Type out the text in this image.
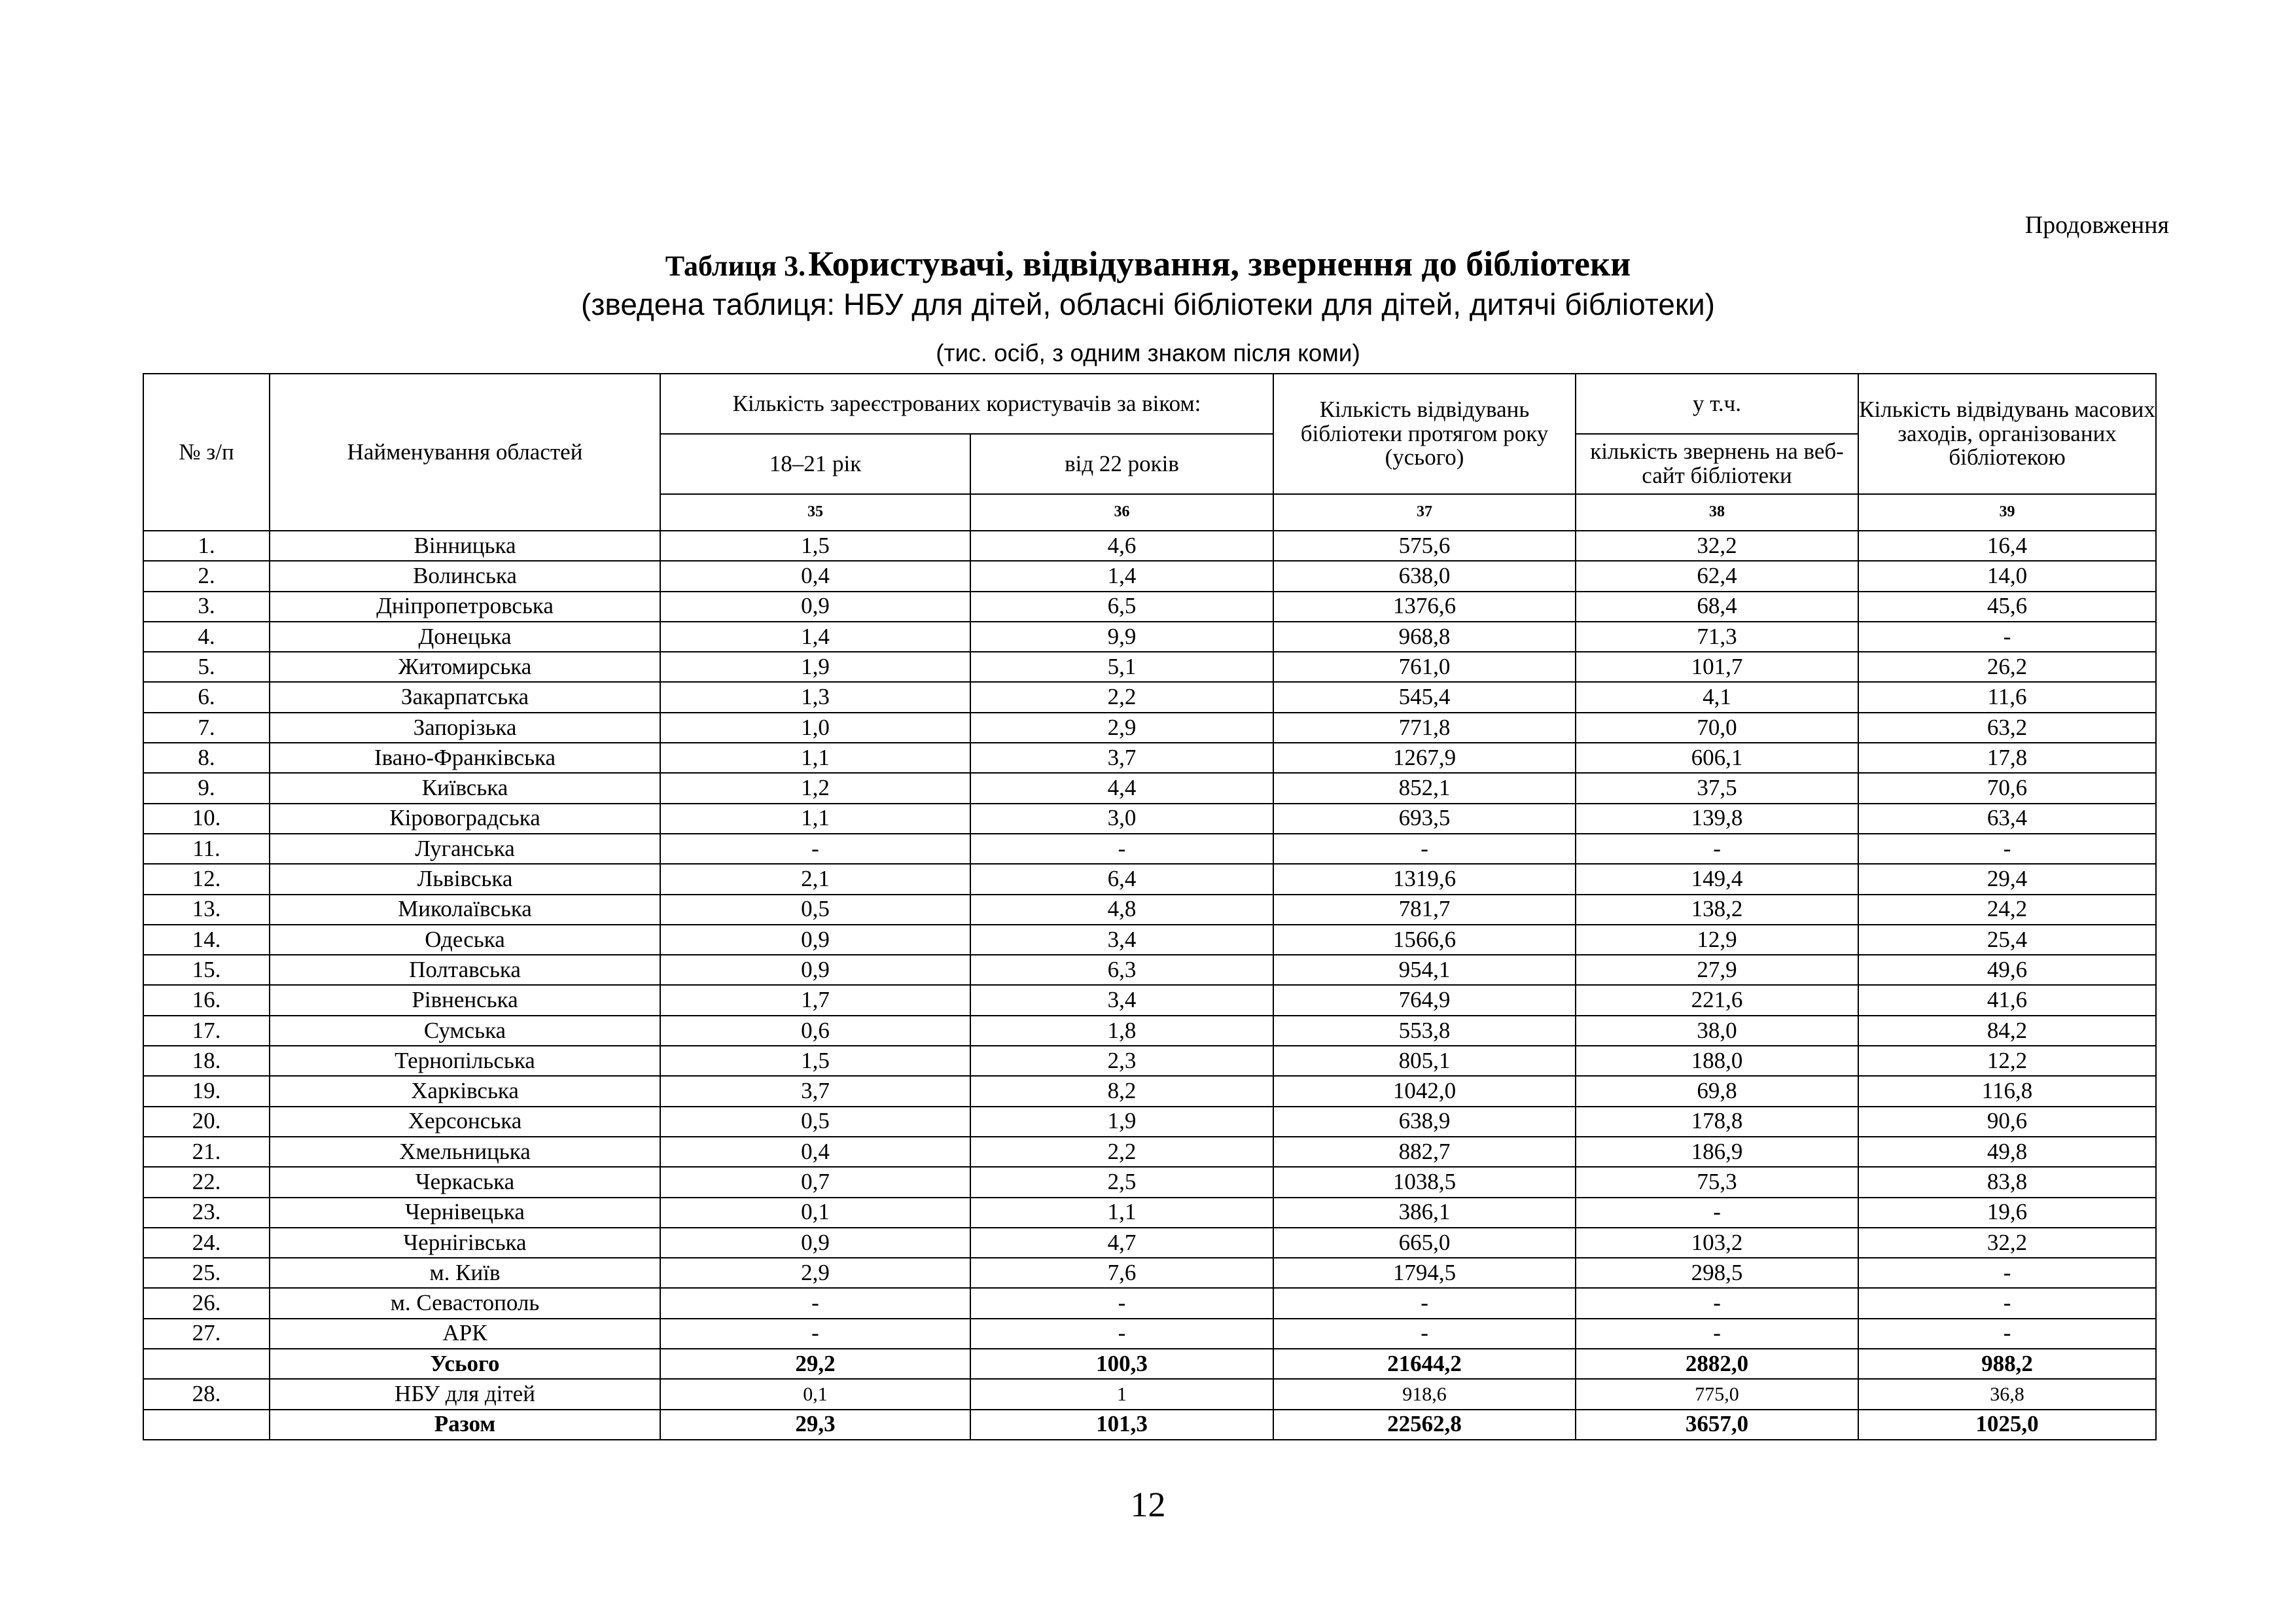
Продовження
Таблиця 3. Користувачі, відвідування, звернення до бібліотеки
(зведена таблиця: НБУ для дітей, обласні бібліотеки для дітей, дитячі бібліотеки)
(тис. осіб, з одним знаком після коми)
№ з/п	Найменування областей	Кількість зареєстрованих користувачів за віком:		Кількість відвідувань бібліотеки протягом року (усього)	у т.ч.	Кількість відвідувань масових заходів, організованих бібліотекою
		18–21 рік	від 22 років		кількість звернень на веб-сайт бібліотеки	
		35	36	37	38	39
1.	Вінницька	1,5	4,6	575,6	32,2	16,4
2.	Волинська	0,4	1,4	638,0	62,4	14,0
3.	Дніпропетровська	0,9	6,5	1376,6	68,4	45,6
4.	Донецька	1,4	9,9	968,8	71,3	-
5.	Житомирська	1,9	5,1	761,0	101,7	26,2
6.	Закарпатська	1,3	2,2	545,4	4,1	11,6
7.	Запорізька	1,0	2,9	771,8	70,0	63,2
8.	Івано-Франківська	1,1	3,7	1267,9	606,1	17,8
9.	Київська	1,2	4,4	852,1	37,5	70,6
10.	Кіровоградська	1,1	3,0	693,5	139,8	63,4
11.	Луганська	-	-	-	-	-
12.	Львівська	2,1	6,4	1319,6	149,4	29,4
13.	Миколаївська	0,5	4,8	781,7	138,2	24,2
14.	Одеська	0,9	3,4	1566,6	12,9	25,4
15.	Полтавська	0,9	6,3	954,1	27,9	49,6
16.	Рівненська	1,7	3,4	764,9	221,6	41,6
17.	Сумська	0,6	1,8	553,8	38,0	84,2
18.	Тернопільська	1,5	2,3	805,1	188,0	12,2
19.	Харківська	3,7	8,2	1042,0	69,8	116,8
20.	Херсонська	0,5	1,9	638,9	178,8	90,6
21.	Хмельницька	0,4	2,2	882,7	186,9	49,8
22.	Черкаська	0,7	2,5	1038,5	75,3	83,8
23.	Чернівецька	0,1	1,1	386,1	-	19,6
24.	Чернігівська	0,9	4,7	665,0	103,2	32,2
25.	м. Київ	2,9	7,6	1794,5	298,5	-
26.	м. Севастополь	-	-	-	-	-
27.	АРК	-	-	-	-	-
	Усього	29,2	100,3	21644,2	2882,0	988,2
28.	НБУ для дітей	0,1	1	918,6	775,0	36,8
	Разом	29,3	101,3	22562,8	3657,0	1025,0
12
